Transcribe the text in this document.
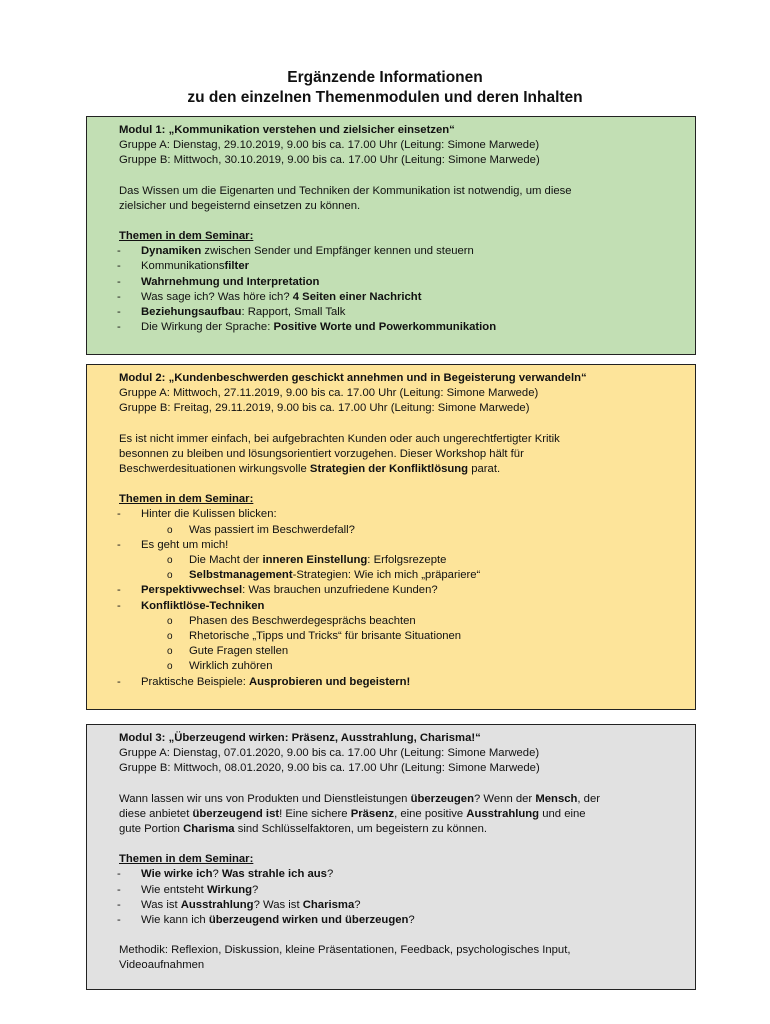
Ergänzende Informationen
zu den einzelnen Themenmodulen und deren Inhalten

Modul 1: „Kommunikation verstehen und zielsicher einsetzen“

Gruppe A: Dienstag, 29.10.2019, 9.00 bis ca. 17.00 Uhr (Leitung: Simone Marwede)

Gruppe B: Mittwoch, 30.10.2019, 9.00 bis ca. 17.00 Uhr (Leitung: Simone Marwede)

Das Wissen um die Eigenarten und Techniken der Kommunikation ist notwendig, um diese

zielsicher und begeisternd einsetzen zu können.

Themen in dem Seminar:

- Dynamiken zwischen Sender und Empfänger kennen und steuern
- Kommunikationsfilter
- Wahrnehmung und Interpretation
- Was sage ich? Was höre ich? 4 Seiten einer Nachricht
- Beziehungsaufbau: Rapport, Small Talk
- Die Wirkung der Sprache: Positive Worte und Powerkommunikation

Modul 2: „Kundenbeschwerden geschickt annehmen und in Begeisterung verwandeln“

Gruppe A: Mittwoch, 27.11.2019, 9.00 bis ca. 17.00 Uhr (Leitung: Simone Marwede)

Gruppe B: Freitag, 29.11.2019, 9.00 bis ca. 17.00 Uhr (Leitung: Simone Marwede)

Es ist nicht immer einfach, bei aufgebrachten Kunden oder auch ungerechtfertigter Kritik

besonnen zu bleiben und lösungsorientiert vorzugehen. Dieser Workshop hält für

Beschwerdesituationen wirkungsvolle Strategien der Konfliktlösung parat.

Themen in dem Seminar:

- Hinter die Kulissen blicken:
o Was passiert im Beschwerdefall?
- Es geht um mich!
o Die Macht der inneren Einstellung: Erfolgsrezepte
o Selbstmanagement-Strategien: Wie ich mich „präpariere“
- Perspektivwechsel: Was brauchen unzufriedene Kunden?
- Konfliktlöse-Techniken
o Phasen des Beschwerdegesprächs beachten
o Rhetorische „Tipps und Tricks“ für brisante Situationen
o Gute Fragen stellen
o Wirklich zuhören
- Praktische Beispiele: Ausprobieren und begeistern!

Modul 3: „Überzeugend wirken: Präsenz, Ausstrahlung, Charisma!“

Gruppe A: Dienstag, 07.01.2020, 9.00 bis ca. 17.00 Uhr (Leitung: Simone Marwede)

Gruppe B: Mittwoch, 08.01.2020, 9.00 bis ca. 17.00 Uhr (Leitung: Simone Marwede)

Wann lassen wir uns von Produkten und Dienstleistungen überzeugen? Wenn der Mensch, der

diese anbietet überzeugend ist! Eine sichere Präsenz, eine positive Ausstrahlung und eine

gute Portion Charisma sind Schlüsselfaktoren, um begeistern zu können.

Themen in dem Seminar:

- Wie wirke ich? Was strahle ich aus?
- Wie entsteht Wirkung?
- Was ist Ausstrahlung? Was ist Charisma?
- Wie kann ich überzeugend wirken und überzeugen?

Methodik: Reflexion, Diskussion, kleine Präsentationen, Feedback, psychologisches Input,

Videoaufnahmen
